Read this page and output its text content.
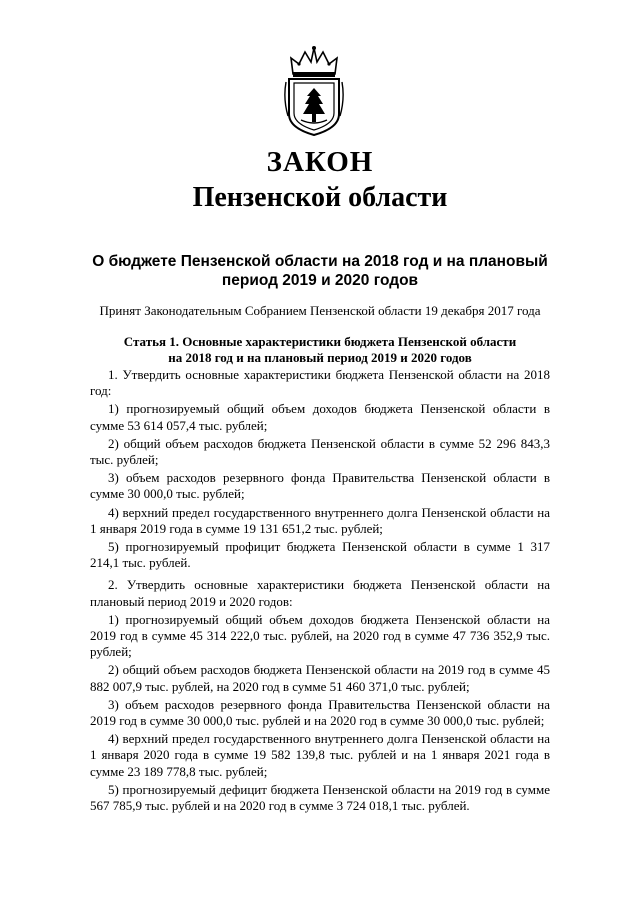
ЗАКОН
Пензенской области
О бюджете Пензенской области на 2018 год и на плановый
период 2019 и 2020 годов
Принят Законодательным Собранием Пензенской области 19 декабря 2017 года
Статья 1. Основные характеристики бюджета Пензенской области
на 2018 год и на плановый период 2019 и 2020 годов

1. Утвердить основные характеристики бюджета Пензенской области на 2018 год:

1) прогнозируемый общий объем доходов бюджета Пензенской области в сумме 53 614 057,4 тыс. рублей;

2) общий объем расходов бюджета Пензенской области в сумме 52 296 843,3 тыс. рублей;

3) объем расходов резервного фонда Правительства Пензенской области в сумме 30 000,0 тыс. рублей;

4) верхний предел государственного внутреннего долга Пензенской области на 1 января 2019 года в сумме 19 131 651,2 тыс. рублей;

5) прогнозируемый профицит бюджета Пензенской области в сумме 1 317 214,1 тыс. рублей.

2. Утвердить основные характеристики бюджета Пензенской области на плановый период 2019 и 2020 годов:

1) прогнозируемый общий объем доходов бюджета Пензенской области на 2019 год в сумме 45 314 222,0 тыс. рублей, на 2020 год в сумме 47 736 352,9 тыс. рублей;

2) общий объем расходов бюджета Пензенской области на 2019 год в сумме 45 882 007,9 тыс. рублей, на 2020 год в сумме 51 460 371,0 тыс. рублей;

3) объем расходов резервного фонда Правительства Пензенской области на 2019 год в сумме 30 000,0 тыс. рублей и на 2020 год в сумме 30 000,0 тыс. рублей;

4) верхний предел государственного внутреннего долга Пензенской области на 1 января 2020 года в сумме 19 582 139,8 тыс. рублей и на 1 января 2021 года в сумме 23 189 778,8 тыс. рублей;

5) прогнозируемый дефицит бюджета Пензенской области на 2019 год в сумме 567 785,9 тыс. рублей и на 2020 год в сумме 3 724 018,1 тыс. рублей.
